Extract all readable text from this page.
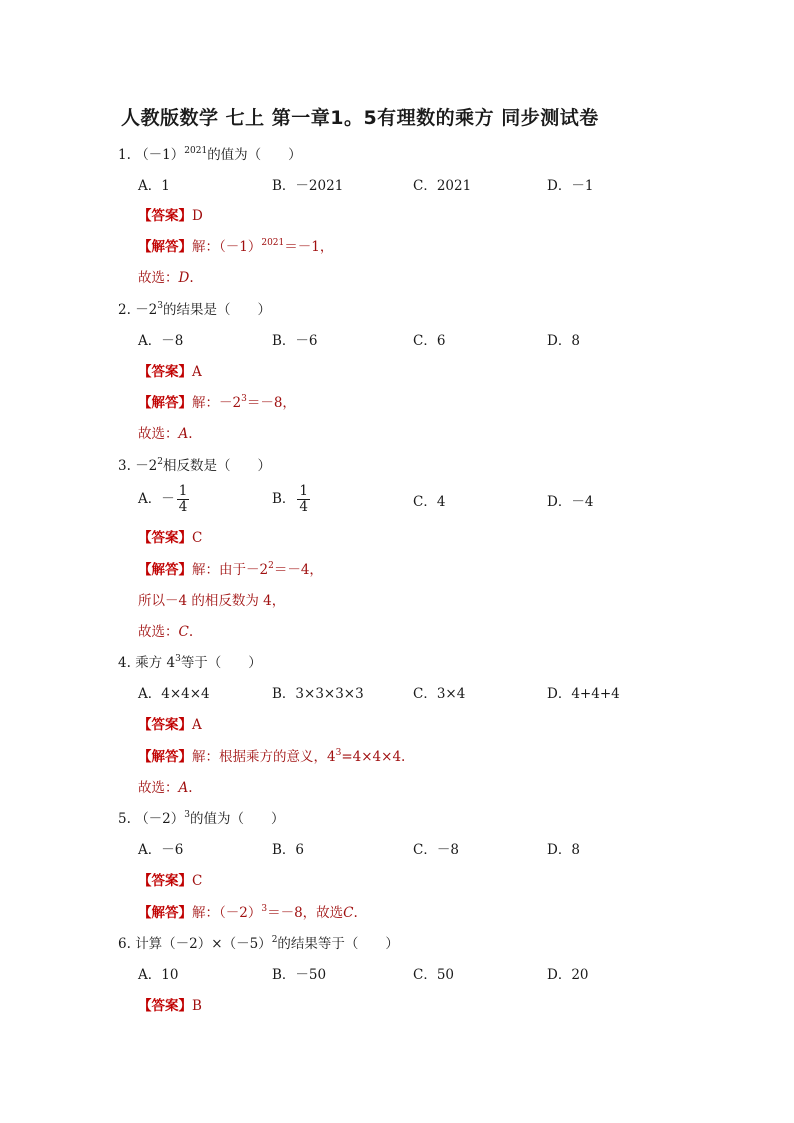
人教版数学 七上 第一章1。5有理数的乘方 同步测试卷
1. $(-1)^{2021}$的值为（　　）
A．1	B．－2021	C．2021	D．－1
【答案】D
【解答】解：$(-1)^{2021}=-1$，
故选：D.
2. $-2^3$的结果是（　　）
A．－8	B．－6	C．6	D．8
【答案】A
【解答】解：$-2^3=-8$，
故选：A.
3. $-2^2$相反数是（　　）
A．－ $\frac{1}{4}$	B． $\frac{1}{4}$	C．4	D．－4
【答案】C
【解答】解：由于$-2^2=-4$，
所以－4 的相反数为 4，
故选：C.
4. 乘方 $4^3$等于（　　）
A．4×4×4	B．3×3×3×3	C．3×4	D．4+4+4
【答案】A
【解答】解：根据乘方的意义，$4^3=4\times 4\times 4$.
故选：A.
5. $(-2)^3$的值为（　　）
A．－6	B．6	C．－8	D．8
【答案】C
【解答】解：$(-2)^3=-8$，故选C.
6. 计算$(-2)\times(-5)^2$的结果等于（　　）
A．10	B．－50	C．50	D．20
【答案】B
